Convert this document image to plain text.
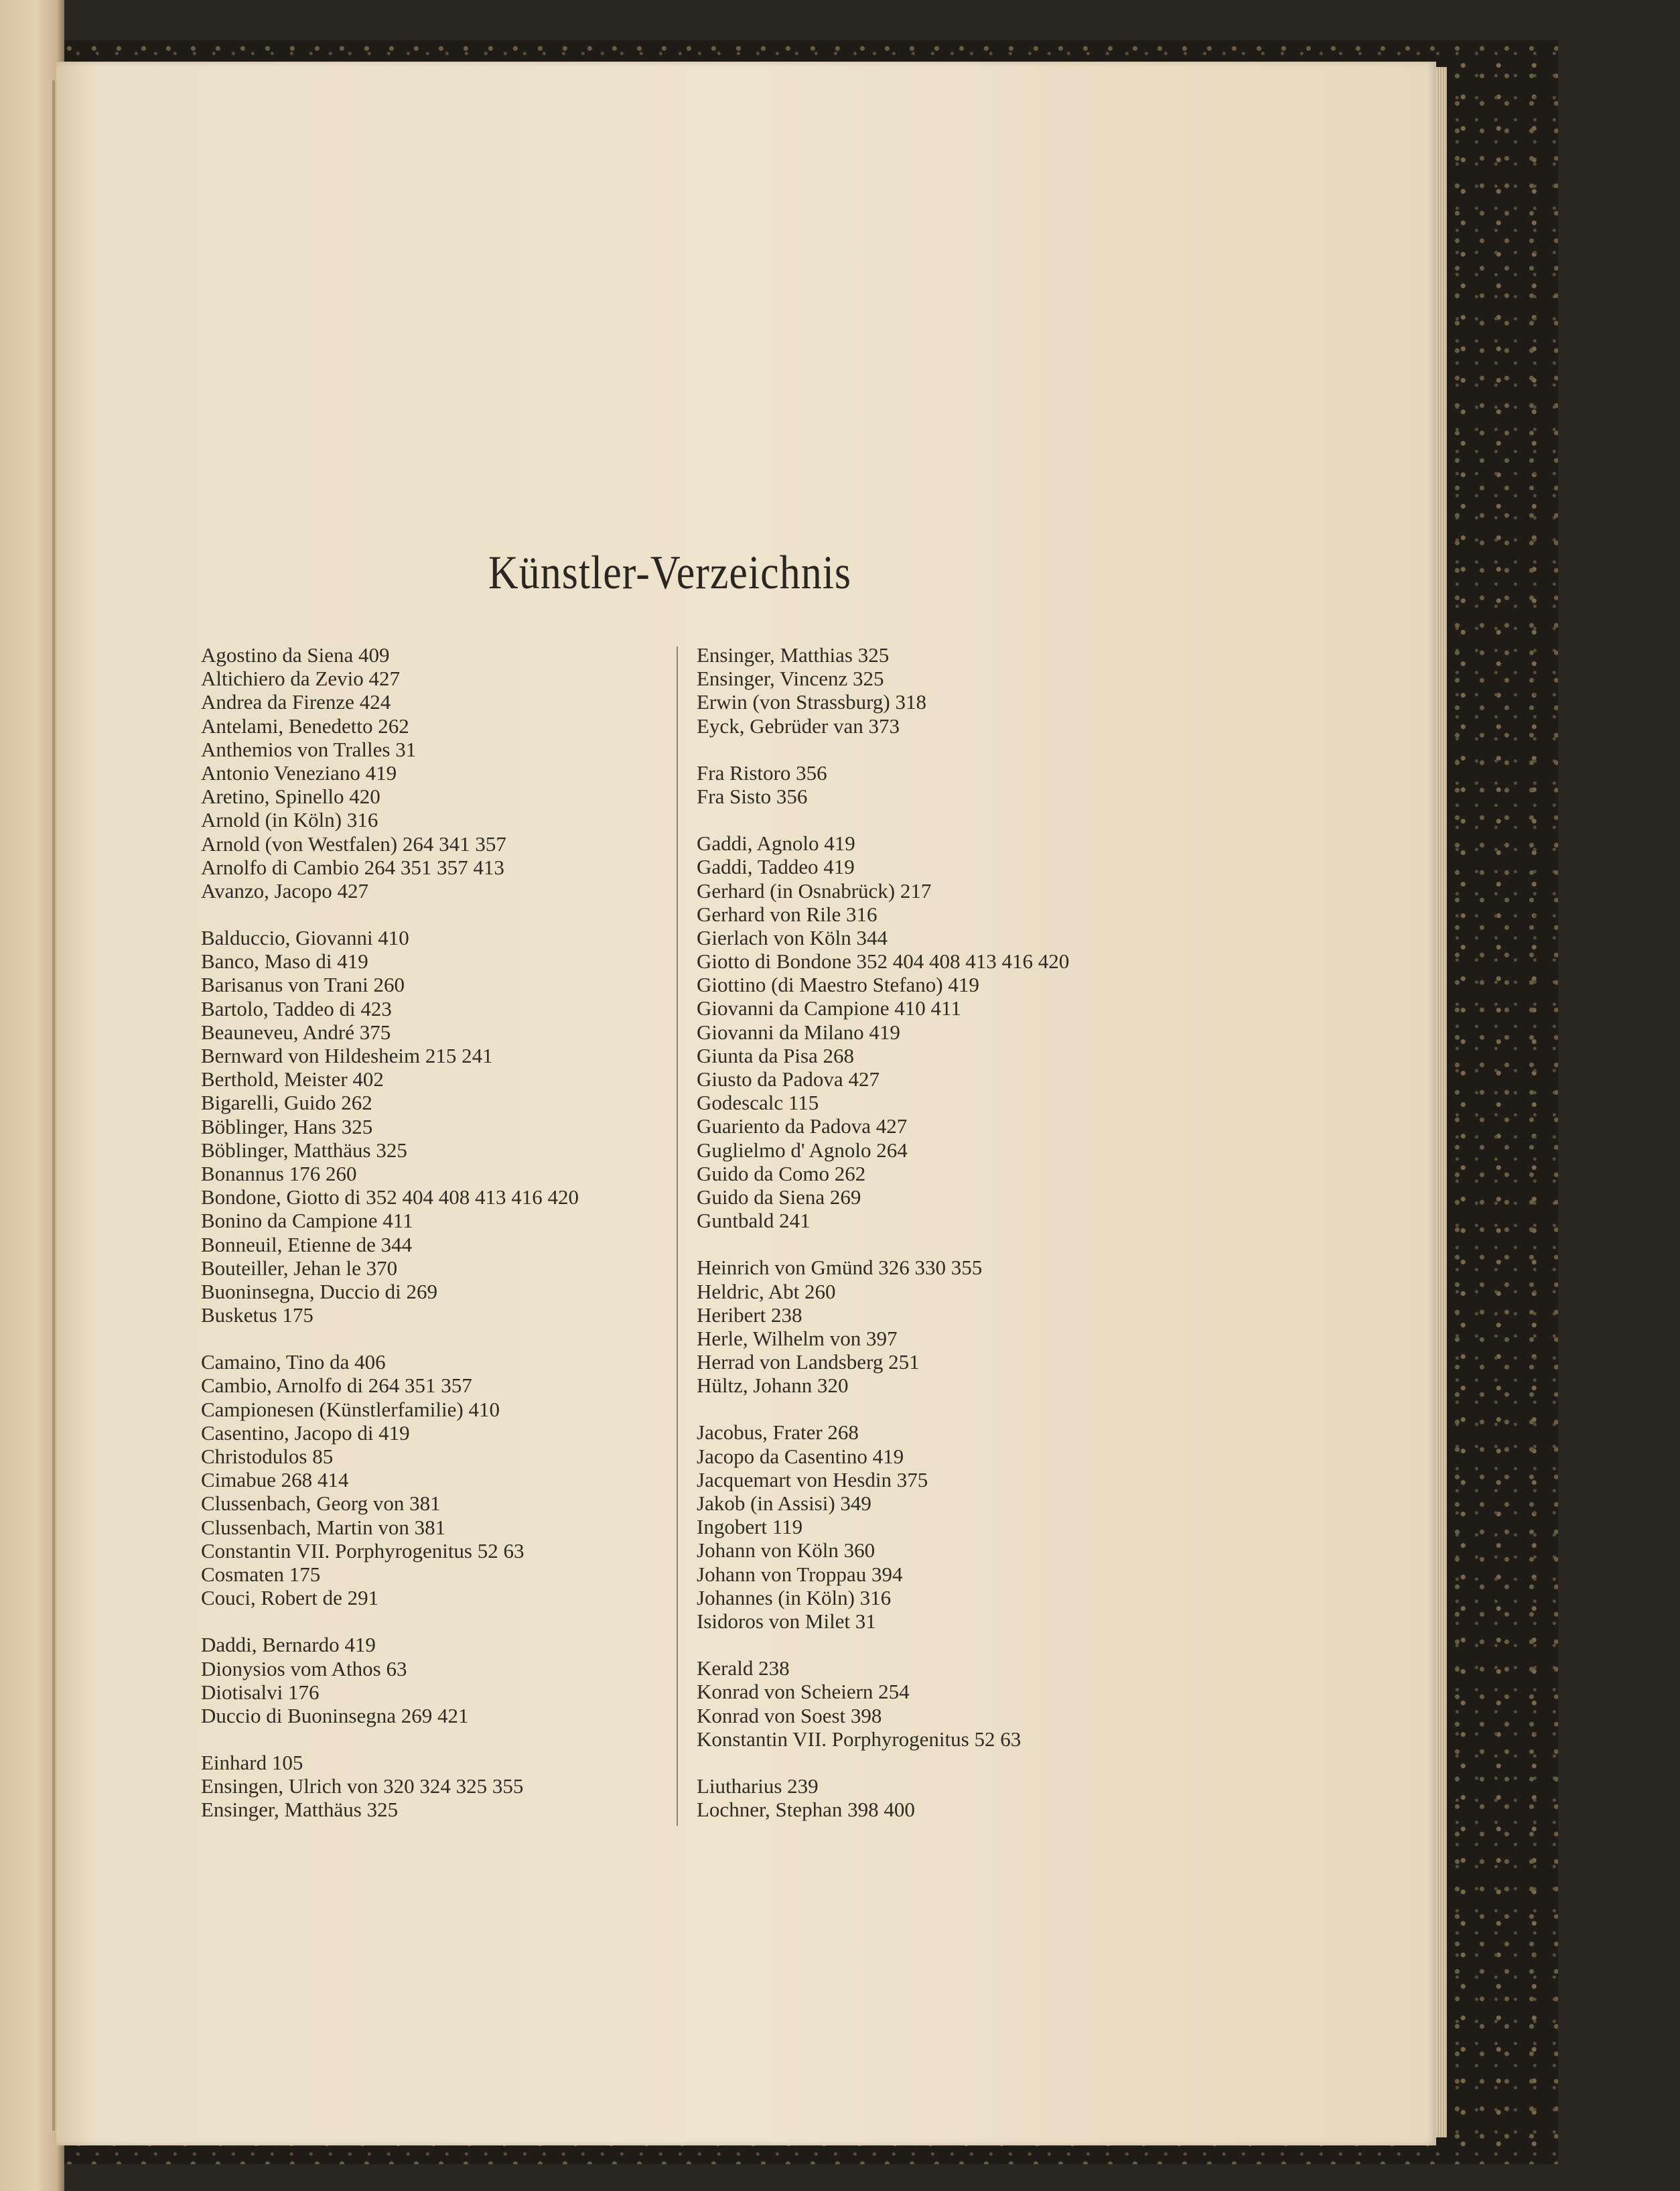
Künstler-Verzeichnis
Agostino da Siena 409
Altichiero da Zevio 427
Andrea da Firenze 424
Antelami, Benedetto 262
Anthemios von Tralles 31
Antonio Veneziano 419
Aretino, Spinello 420
Arnold (in Köln) 316
Arnold (von Westfalen) 264 341 357
Arnolfo di Cambio 264 351 357 413
Avanzo, Jacopo 427
Balduccio, Giovanni 410
Banco, Maso di 419
Barisanus von Trani 260
Bartolo, Taddeo di 423
Beauneveu, André 375
Bernward von Hildesheim 215 241
Berthold, Meister 402
Bigarelli, Guido 262
Böblinger, Hans 325
Böblinger, Matthäus 325
Bonannus 176 260
Bondone, Giotto di 352 404 408 413 416 420
Bonino da Campione 411
Bonneuil, Etienne de 344
Bouteiller, Jehan le 370
Buoninsegna, Duccio di 269
Busketus 175
Camaino, Tino da 406
Cambio, Arnolfo di 264 351 357
Campionesen (Künstlerfamilie) 410
Casentino, Jacopo di 419
Christodulos 85
Cimabue 268 414
Clussenbach, Georg von 381
Clussenbach, Martin von 381
Constantin VII. Porphyrogenitus 52 63
Cosmaten 175
Couci, Robert de 291
Daddi, Bernardo 419
Dionysios vom Athos 63
Diotisalvi 176
Duccio di Buoninsegna 269 421
Einhard 105
Ensingen, Ulrich von 320 324 325 355
Ensinger, Matthäus 325
Ensinger, Matthias 325
Ensinger, Vincenz 325
Erwin (von Strassburg) 318
Eyck, Gebrüder van 373
Fra Ristoro 356
Fra Sisto 356
Gaddi, Agnolo 419
Gaddi, Taddeo 419
Gerhard (in Osnabrück) 217
Gerhard von Rile 316
Gierlach von Köln 344
Giotto di Bondone 352 404 408 413 416 420
Giottino (di Maestro Stefano) 419
Giovanni da Campione 410 411
Giovanni da Milano 419
Giunta da Pisa 268
Giusto da Padova 427
Godescalc 115
Guariento da Padova 427
Guglielmo d' Agnolo 264
Guido da Como 262
Guido da Siena 269
Guntbald 241
Heinrich von Gmünd 326 330 355
Heldric, Abt 260
Heribert 238
Herle, Wilhelm von 397
Herrad von Landsberg 251
Hültz, Johann 320
Jacobus, Frater 268
Jacopo da Casentino 419
Jacquemart von Hesdin 375
Jakob (in Assisi) 349
Ingobert 119
Johann von Köln 360
Johann von Troppau 394
Johannes (in Köln) 316
Isidoros von Milet 31
Kerald 238
Konrad von Scheiern 254
Konrad von Soest 398
Konstantin VII. Porphyrogenitus 52 63
Liutharius 239
Lochner, Stephan 398 400
